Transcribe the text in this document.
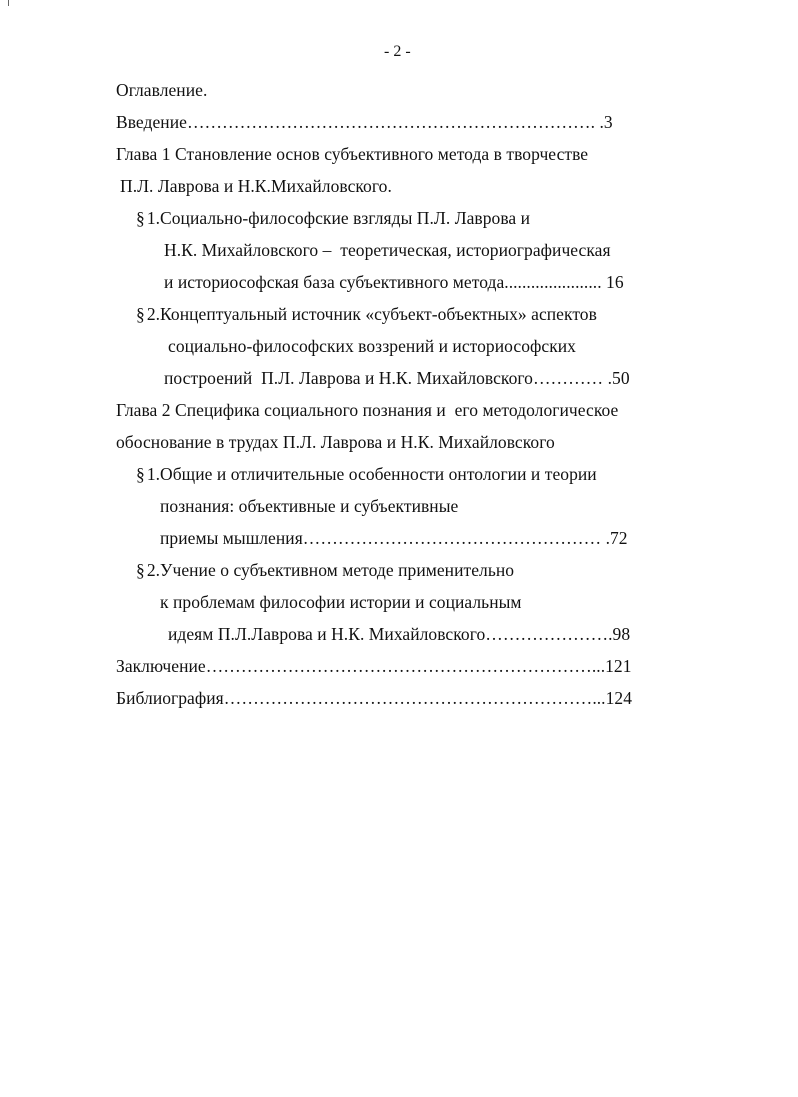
- 2 -
Оглавление.
Введение……………………………………………………………. .3
Глава 1 Становление основ субъективного метода в творчестве
П.Л. Лаврова и Н.К.Михайловского.
§ 1.Социально-философские взгляды П.Л. Лаврова и
Н.К. Михайловского –  теоретическая, историографическая
и историософская база субъективного метода...................... 16
§ 2.Концептуальный источник «субъект-объектных» аспектов
социально-философских воззрений и историософских
построений  П.Л. Лаврова и Н.К. Михайловского………… .50
Глава 2 Специфика социального познания и  его методологическое
обоснование в трудах П.Л. Лаврова и Н.К. Михайловского
§ 1.Общие и отличительные особенности онтологии и теории
познания: объективные и субъективные
приемы мышления…………………………………………… .72
§ 2.Учение о субъективном методе применительно
к проблемам философии истории и социальным
идеям П.Л.Лаврова и Н.К. Михайловского………………….98
Заключение…………………………………………………………...121
Библиография………………………………………………………...124
